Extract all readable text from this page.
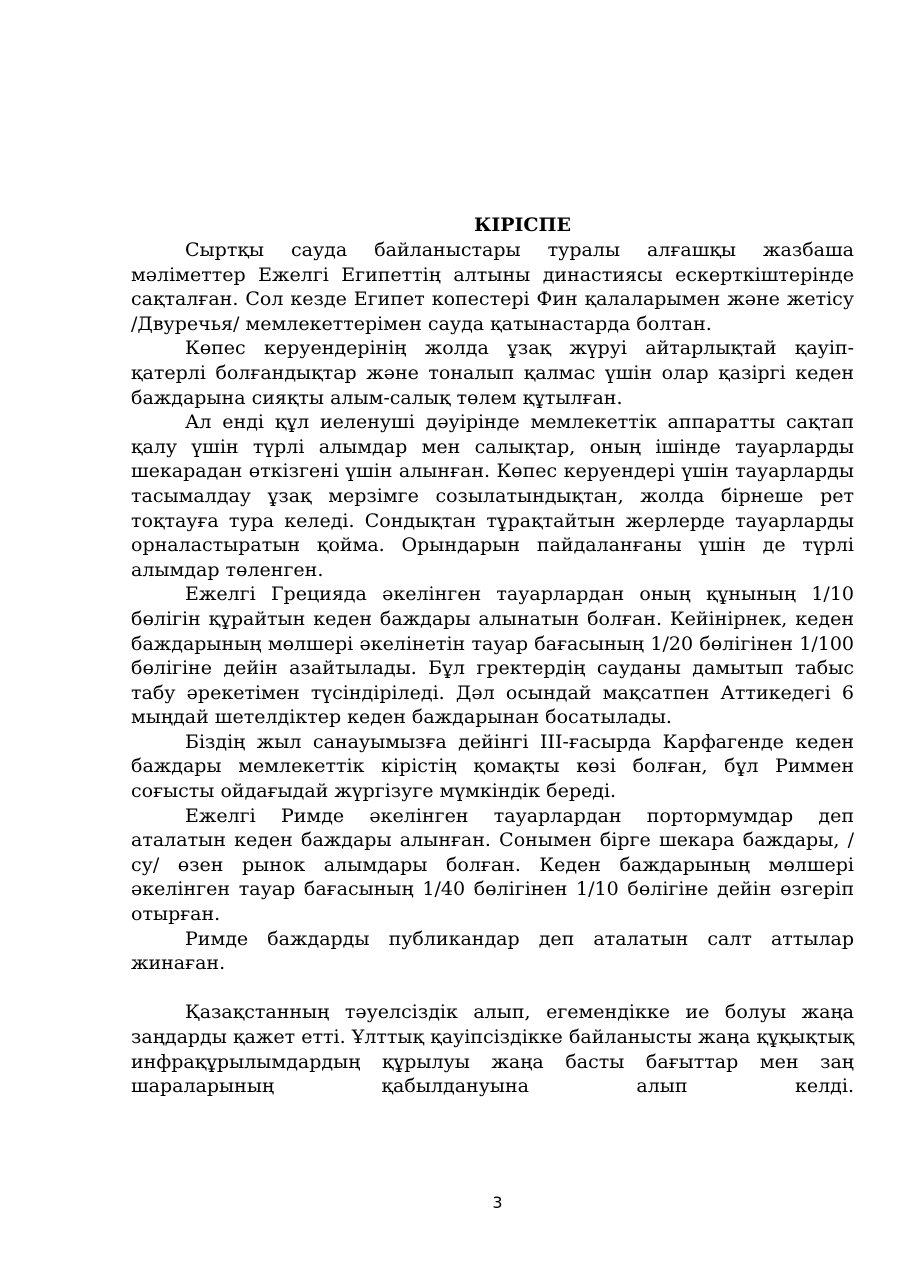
КІРІСПЕ

Сыртқы сауда байланыстары туралы алғашқы жазбаша мәліметтер Ежелгі Египеттің алтыны династиясы ескерткіштерінде сақталған. Сол кезде Египет копестері Фин қалаларымен және жетісу /Двуречья/ мемлекеттерімен сауда қатынастарда болтан.

Көпес керуендерінің жолда ұзақ жүруі айтарлықтай қауіп-қатерлі болғандықтар және тоналып қалмас үшін олар қазіргі кеден баждарына сияқты алым-салық төлем құтылған.

Ал енді құл иеленуші дәуірінде мемлекеттік аппаратты сақтап қалу үшін түрлі алымдар мен салықтар, оның ішінде тауарларды шекарадан өткізгені үшін алынған. Көпес керуендері үшін тауарларды тасымалдау ұзақ мерзімге созылатындықтан, жолда бірнеше рет тоқтауға тура келеді. Сондықтан тұрақтайтын жерлерде тауарларды орналастыратын қойма. Орындарын пайдаланғаны үшін де түрлі алымдар төленген.

Ежелгі Грецияда әкелінген тауарлардан оның құнының 1/10 бөлігін құрайтын кеден баждары алынатын болған. Кейінірнек, кеден баждарының мөлшері әкелінетін тауар бағасының 1/20 бөлігінен 1/100 бөлігіне дейін азайтылады. Бұл гректердің сауданы дамытып табыс табу әрекетімен түсіндіріледі. Дәл осындай мақсатпен Аттикедегі 6 мыңдай шетелдіктер кеден баждарынан босатылады.

Біздің жыл санауымызға дейінгі ІІІ-ғасырда Карфагенде кеден баждары мемлекеттік кірістің қомақты көзі болған, бұл Риммен соғысты ойдағыдай жүргізуге мүмкіндік береді.

Ежелгі Римде әкелінген тауарлардан портормумдар деп аталатын кеден баждары алынған. Сонымен бірге шекара баждары, /су/ өзен рынок алымдары болған. Кеден баждарының мөлшері әкелінген тауар бағасының 1/40 бөлігінен 1/10 бөлігіне дейін өзгеріп отырған.

Римде баждарды публикандар деп аталатын салт аттылар жинаған.

Қазақстанның тәуелсіздік алып, егемендікке ие болуы жаңа заңдарды қажет етті. Ұлттық қауіпсіздікке байланысты жаңа құқықтық инфрақұрылымдардың құрылуы жаңа басты бағыттар мен заң шараларының қабылдануына алып келді.

3
